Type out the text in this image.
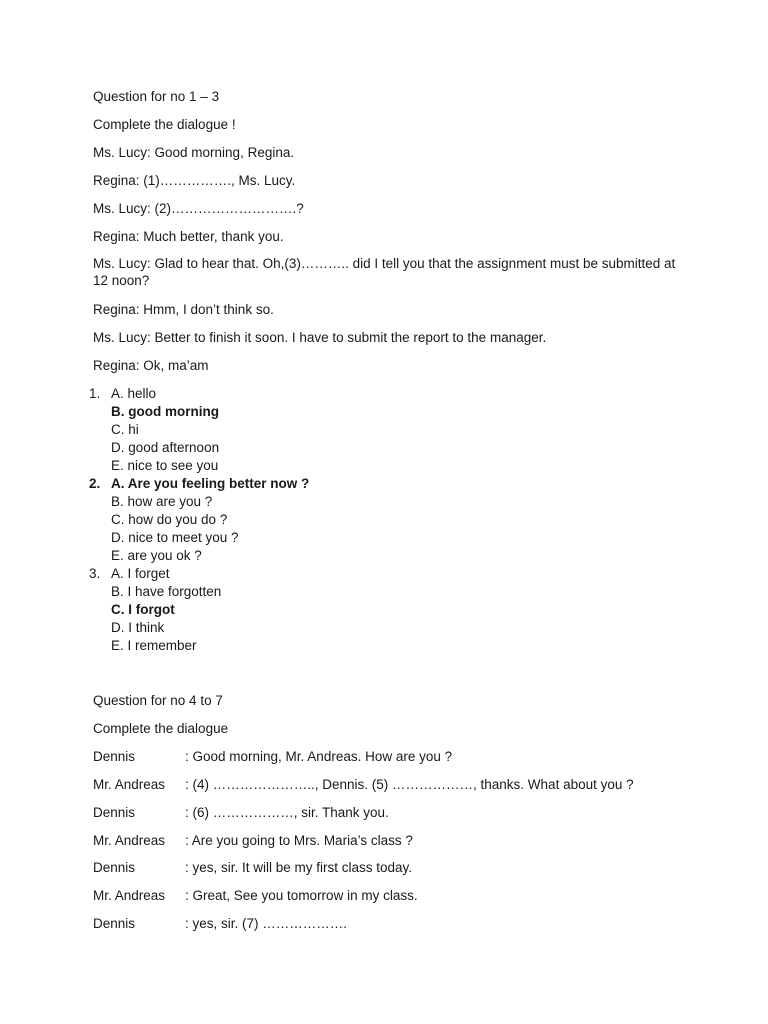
Question for no 1 – 3
Complete the dialogue !
Ms. Lucy: Good morning, Regina.
Regina: (1)……………., Ms. Lucy.
Ms. Lucy: (2)……………………….?
Regina: Much better, thank you.
Ms. Lucy: Glad to hear that. Oh,(3)……….. did I tell you that the assignment must be submitted at 12 noon?
Regina: Hmm, I don’t think so.
Ms. Lucy: Better to finish it soon. I have to submit the report to the manager.
Regina: Ok, ma’am
1. A. hello
B. good morning
C. hi
D. good afternoon
E. nice to see you
2. A. Are you feeling better now ?
B. how are you ?
C. how do you do ?
D. nice to meet you ?
E. are you ok ?
3. A. I forget
B. I have forgotten
C. I forgot
D. I think
E. I remember
Question for no 4 to 7
Complete the dialogue
Dennis	: Good morning, Mr. Andreas. How are you ?
Mr. Andreas : (4) ………………….., Dennis. (5) ………………, thanks. What about you ?
Dennis	: (6) ………………, sir. Thank you.
Mr. Andreas : Are you going to Mrs. Maria’s class ?
Dennis	: yes, sir. It will be my first class today.
Mr. Andreas : Great, See you tomorrow in my class.
Dennis	: yes, sir. (7) ……………….
